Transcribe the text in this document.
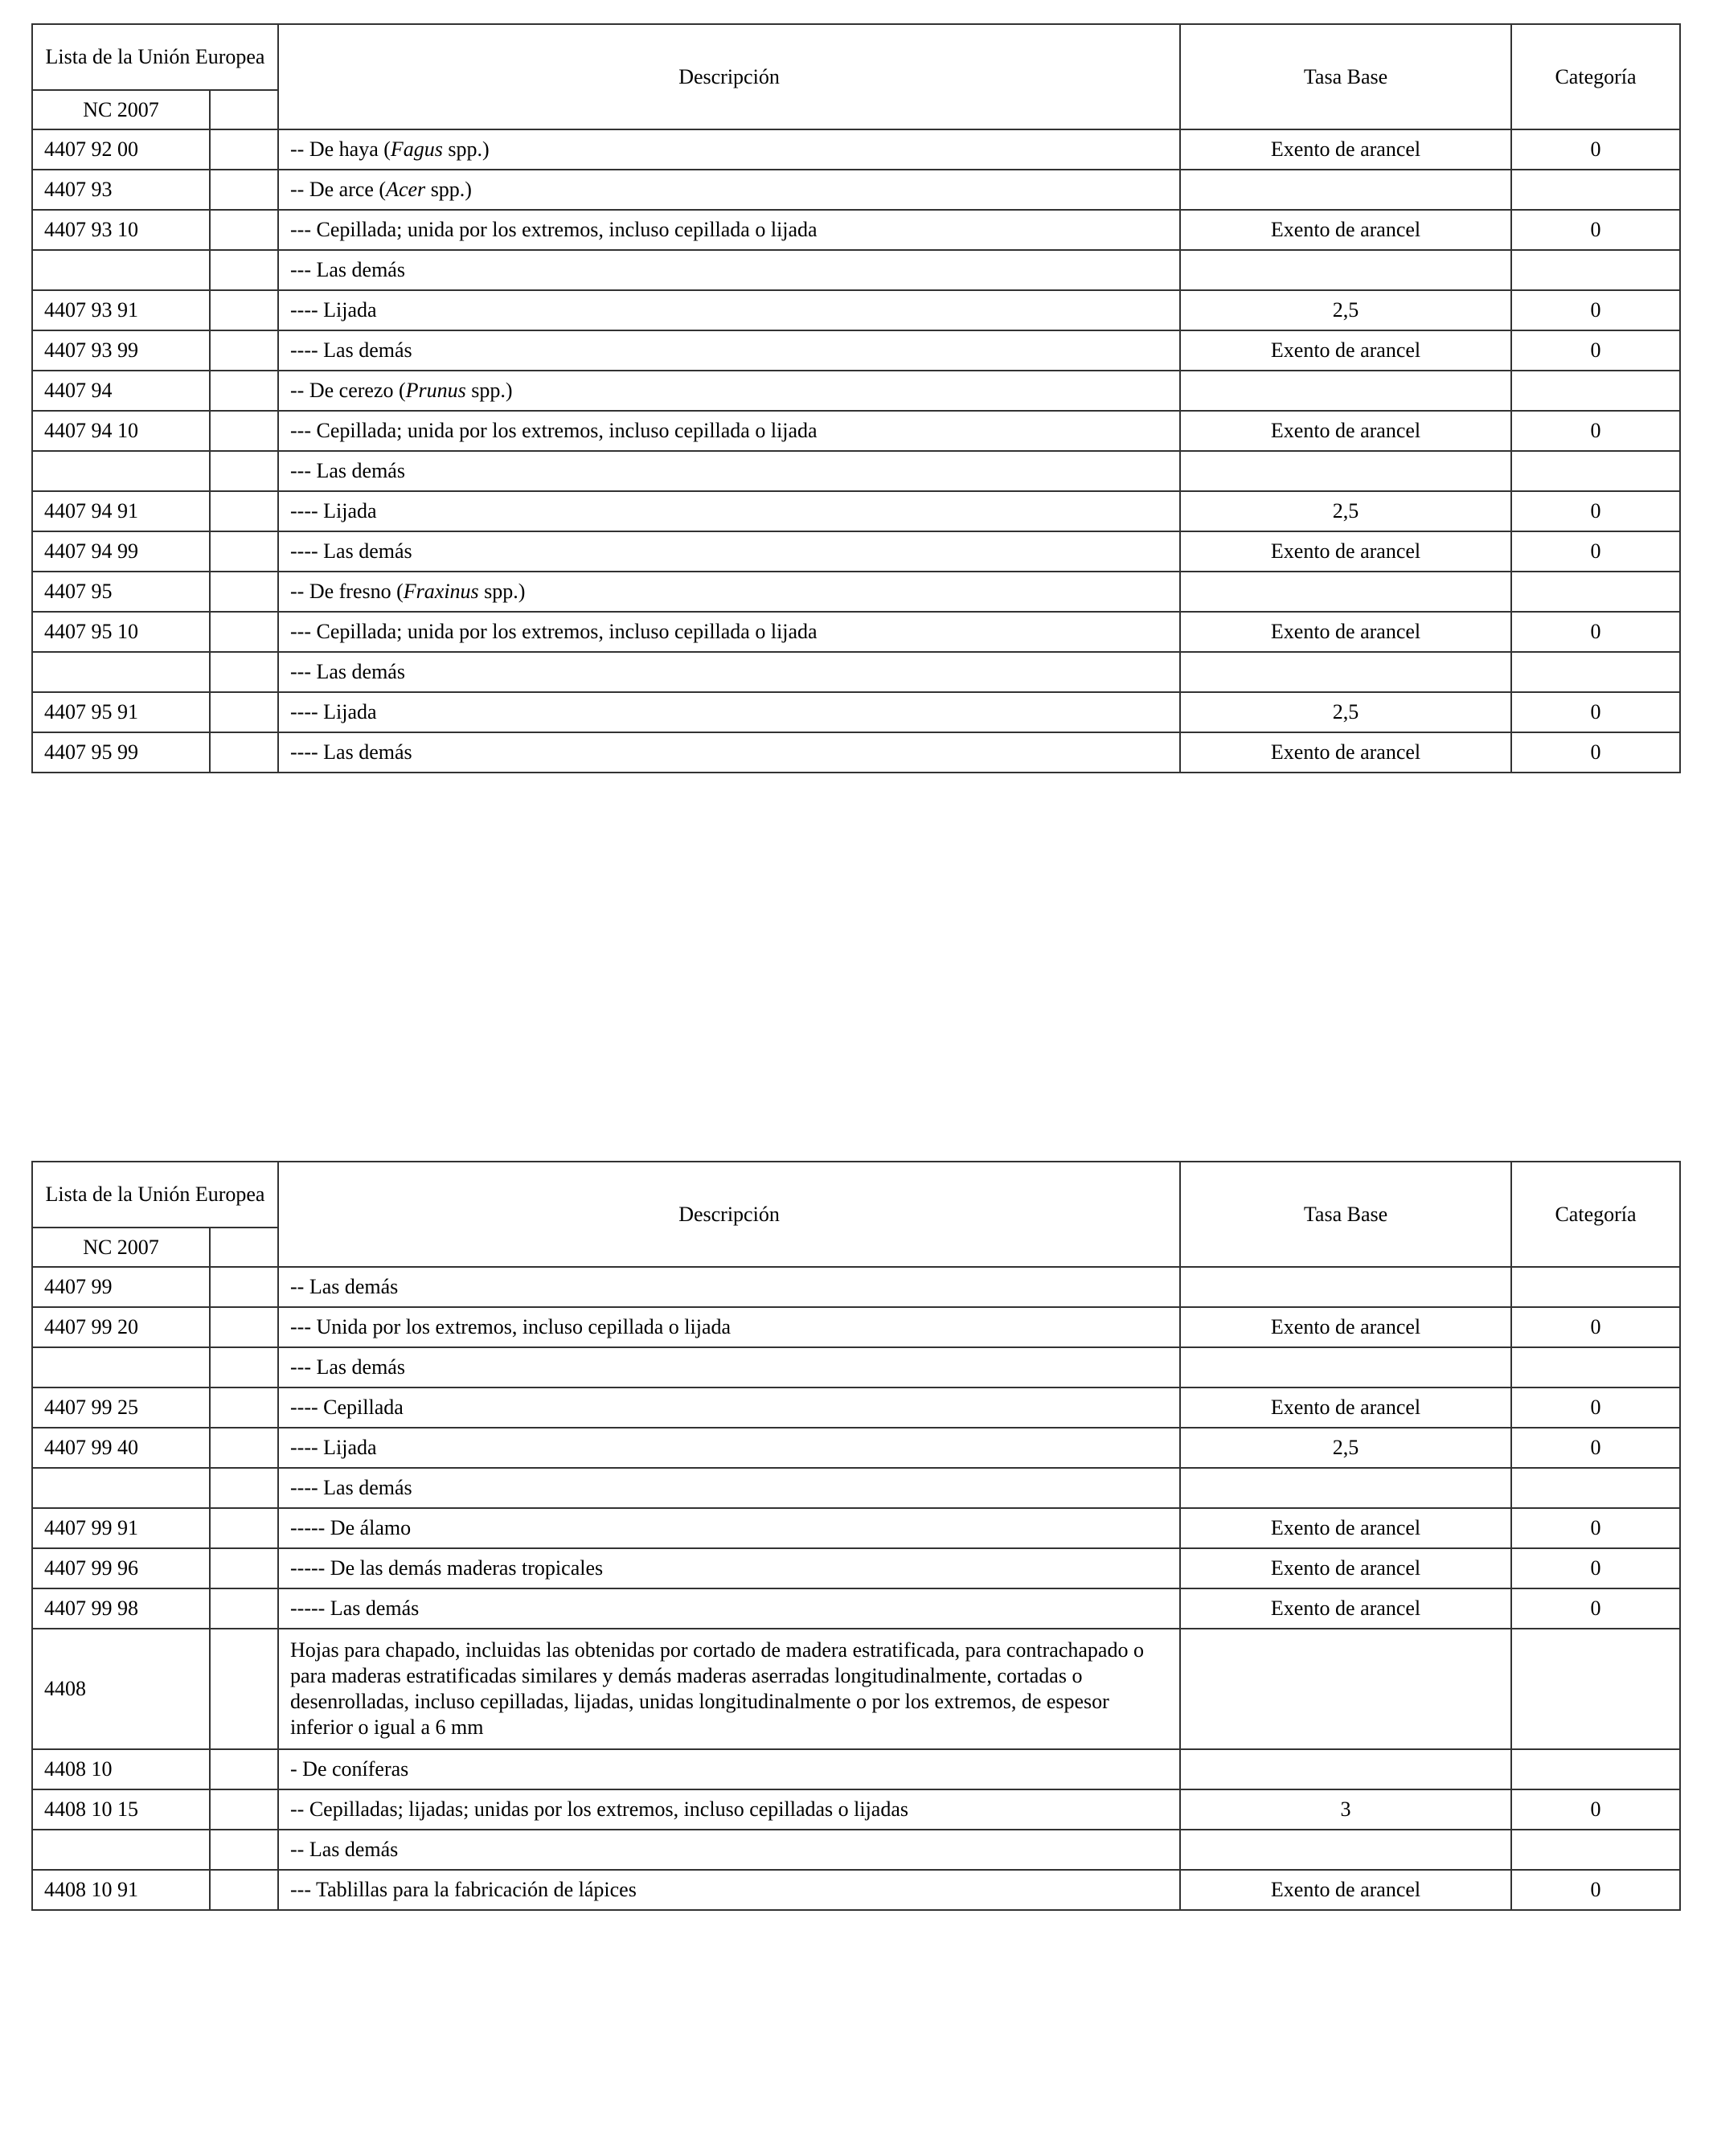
Lista de la Unión Europea		Descripción	Tasa Base	Categoría
NC 2007				
4407 92 00		-- De haya (Fagus spp.)	Exento de arancel	0
4407 93		-- De arce (Acer spp.)		
4407 93 10		--- Cepillada; unida por los extremos, incluso cepillada o lijada	Exento de arancel	0
		--- Las demás		
4407 93 91		---- Lijada	2,5	0
4407 93 99		---- Las demás	Exento de arancel	0
4407 94		-- De cerezo (Prunus spp.)		
4407 94 10		--- Cepillada; unida por los extremos, incluso cepillada o lijada	Exento de arancel	0
		--- Las demás		
4407 94 91		---- Lijada	2,5	0
4407 94 99		---- Las demás	Exento de arancel	0
4407 95		-- De fresno (Fraxinus spp.)		
4407 95 10		--- Cepillada; unida por los extremos, incluso cepillada o lijada	Exento de arancel	0
		--- Las demás		
4407 95 91		---- Lijada	2,5	0
4407 95 99		---- Las demás	Exento de arancel	0
Lista de la Unión Europea		Descripción	Tasa Base	Categoría
NC 2007				
4407 99		-- Las demás		
4407 99 20		--- Unida por los extremos, incluso cepillada o lijada	Exento de arancel	0
		--- Las demás		
4407 99 25		---- Cepillada	Exento de arancel	0
4407 99 40		---- Lijada	2,5	0
		---- Las demás		
4407 99 91		----- De álamo	Exento de arancel	0
4407 99 96		----- De las demás maderas tropicales	Exento de arancel	0
4407 99 98		----- Las demás	Exento de arancel	0
4408		Hojas para chapado, incluidas las obtenidas por cortado de madera estratificada, para contrachapado o para maderas estratificadas similares y demás maderas aserradas longitudinalmente, cortadas o desenrolladas, incluso cepilladas, lijadas, unidas longitudinalmente o por los extremos, de espesor inferior o igual a 6 mm		
4408 10		- De coníferas		
4408 10 15		-- Cepilladas; lijadas; unidas por los extremos, incluso cepilladas o lijadas	3	0
		-- Las demás		
4408 10 91		--- Tablillas para la fabricación de lápices	Exento de arancel	0
